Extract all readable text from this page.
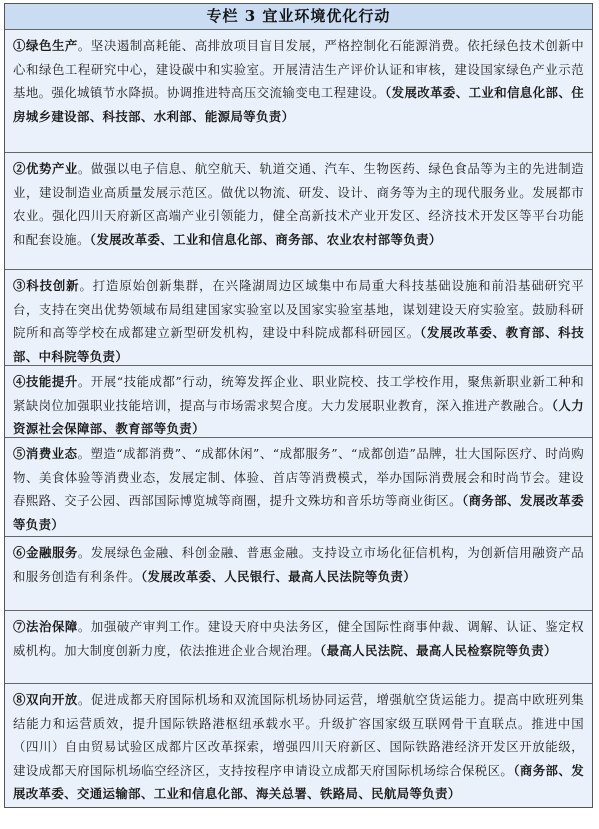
专栏 3 宜业环境优化行动
①绿色生产。坚决遏制高耗能、高排放项目盲目发展，严格控制化石能源消费。依托绿色技术创新中心和绿色工程研究中心，建设碳中和实验室。开展清洁生产评价认证和审核，建设国家绿色产业示范基地。强化城镇节水降损。协调推进特高压交流输变电工程建设。（发展改革委、工业和信息化部、住房城乡建设部、科技部、水利部、能源局等负责）
②优势产业。做强以电子信息、航空航天、轨道交通、汽车、生物医药、绿色食品等为主的先进制造业，建设制造业高质量发展示范区。做优以物流、研发、设计、商务等为主的现代服务业。发展都市农业。强化四川天府新区高端产业引领能力，健全高新技术产业开发区、经济技术开发区等平台功能和配套设施。（发展改革委、工业和信息化部、商务部、农业农村部等负责）
③科技创新。打造原始创新集群，在兴隆湖周边区域集中布局重大科技基础设施和前沿基础研究平台，支持在突出优势领域布局组建国家实验室以及国家实验室基地，谋划建设天府实验室。鼓励科研院所和高等学校在成都建立新型研发机构，建设中科院成都科研园区。（发展改革委、教育部、科技部、中科院等负责）
④技能提升。开展“技能成都”行动，统筹发挥企业、职业院校、技工学校作用，聚焦新职业新工种和紧缺岗位加强职业技能培训，提高与市场需求契合度。大力发展职业教育，深入推进产教融合。（人力资源社会保障部、教育部等负责）
⑤消费业态。塑造“成都消费”、“成都休闲”、“成都服务”、“成都创造”品牌，壮大国际医疗、时尚购物、美食体验等消费业态，发展定制、体验、首店等消费模式，举办国际消费展会和时尚节会。建设春熙路、交子公园、西部国际博览城等商圈，提升文殊坊和音乐坊等商业街区。（商务部、发展改革委等负责）
⑥金融服务。发展绿色金融、科创金融、普惠金融。支持设立市场化征信机构，为创新信用融资产品和服务创造有利条件。（发展改革委、人民银行、最高人民法院等负责）
⑦法治保障。加强破产审判工作。建设天府中央法务区，健全国际性商事仲裁、调解、认证、鉴定权威机构。加大制度创新力度，依法推进企业合规治理。（最高人民法院、最高人民检察院等负责）
⑧双向开放。促进成都天府国际机场和双流国际机场协同运营，增强航空货运能力。提高中欧班列集结能力和运营质效，提升国际铁路港枢纽承载水平。升级扩容国家级互联网骨干直联点。推进中国（四川）自由贸易试验区成都片区改革探索，增强四川天府新区、国际铁路港经济开发区开放能级，建设成都天府国际机场临空经济区，支持按程序申请设立成都天府国际机场综合保税区。（商务部、发展改革委、交通运输部、工业和信息化部、海关总署、铁路局、民航局等负责）
